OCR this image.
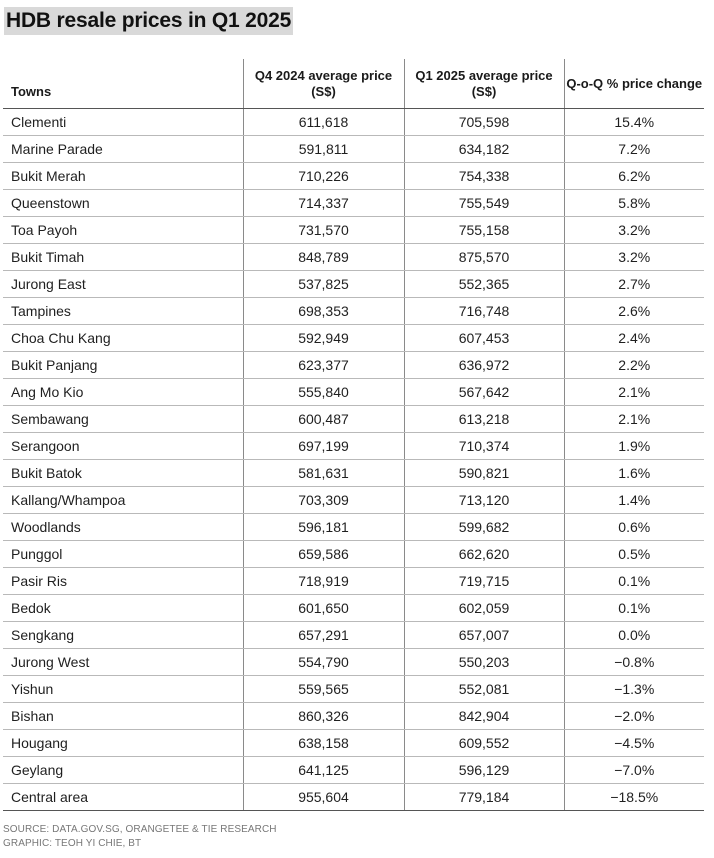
HDB resale prices in Q1 2025
Towns	Q4 2024 average price (S$)	Q1 2025 average price (S$)	Q-o-Q % price change
Clementi	611,618	705,598	15.4%
Marine Parade	591,811	634,182	7.2%
Bukit Merah	710,226	754,338	6.2%
Queenstown	714,337	755,549	5.8%
Toa Payoh	731,570	755,158	3.2%
Bukit Timah	848,789	875,570	3.2%
Jurong East	537,825	552,365	2.7%
Tampines	698,353	716,748	2.6%
Choa Chu Kang	592,949	607,453	2.4%
Bukit Panjang	623,377	636,972	2.2%
Ang Mo Kio	555,840	567,642	2.1%
Sembawang	600,487	613,218	2.1%
Serangoon	697,199	710,374	1.9%
Bukit Batok	581,631	590,821	1.6%
Kallang/Whampoa	703,309	713,120	1.4%
Woodlands	596,181	599,682	0.6%
Punggol	659,586	662,620	0.5%
Pasir Ris	718,919	719,715	0.1%
Bedok	601,650	602,059	0.1%
Sengkang	657,291	657,007	0.0%
Jurong West	554,790	550,203	−0.8%
Yishun	559,565	552,081	−1.3%
Bishan	860,326	842,904	−2.0%
Hougang	638,158	609,552	−4.5%
Geylang	641,125	596,129	−7.0%
Central area	955,604	779,184	−18.5%
SOURCE: DATA.GOV.SG, ORANGETEE & TIE RESEARCH
GRAPHIC: TEOH YI CHIE, BT
